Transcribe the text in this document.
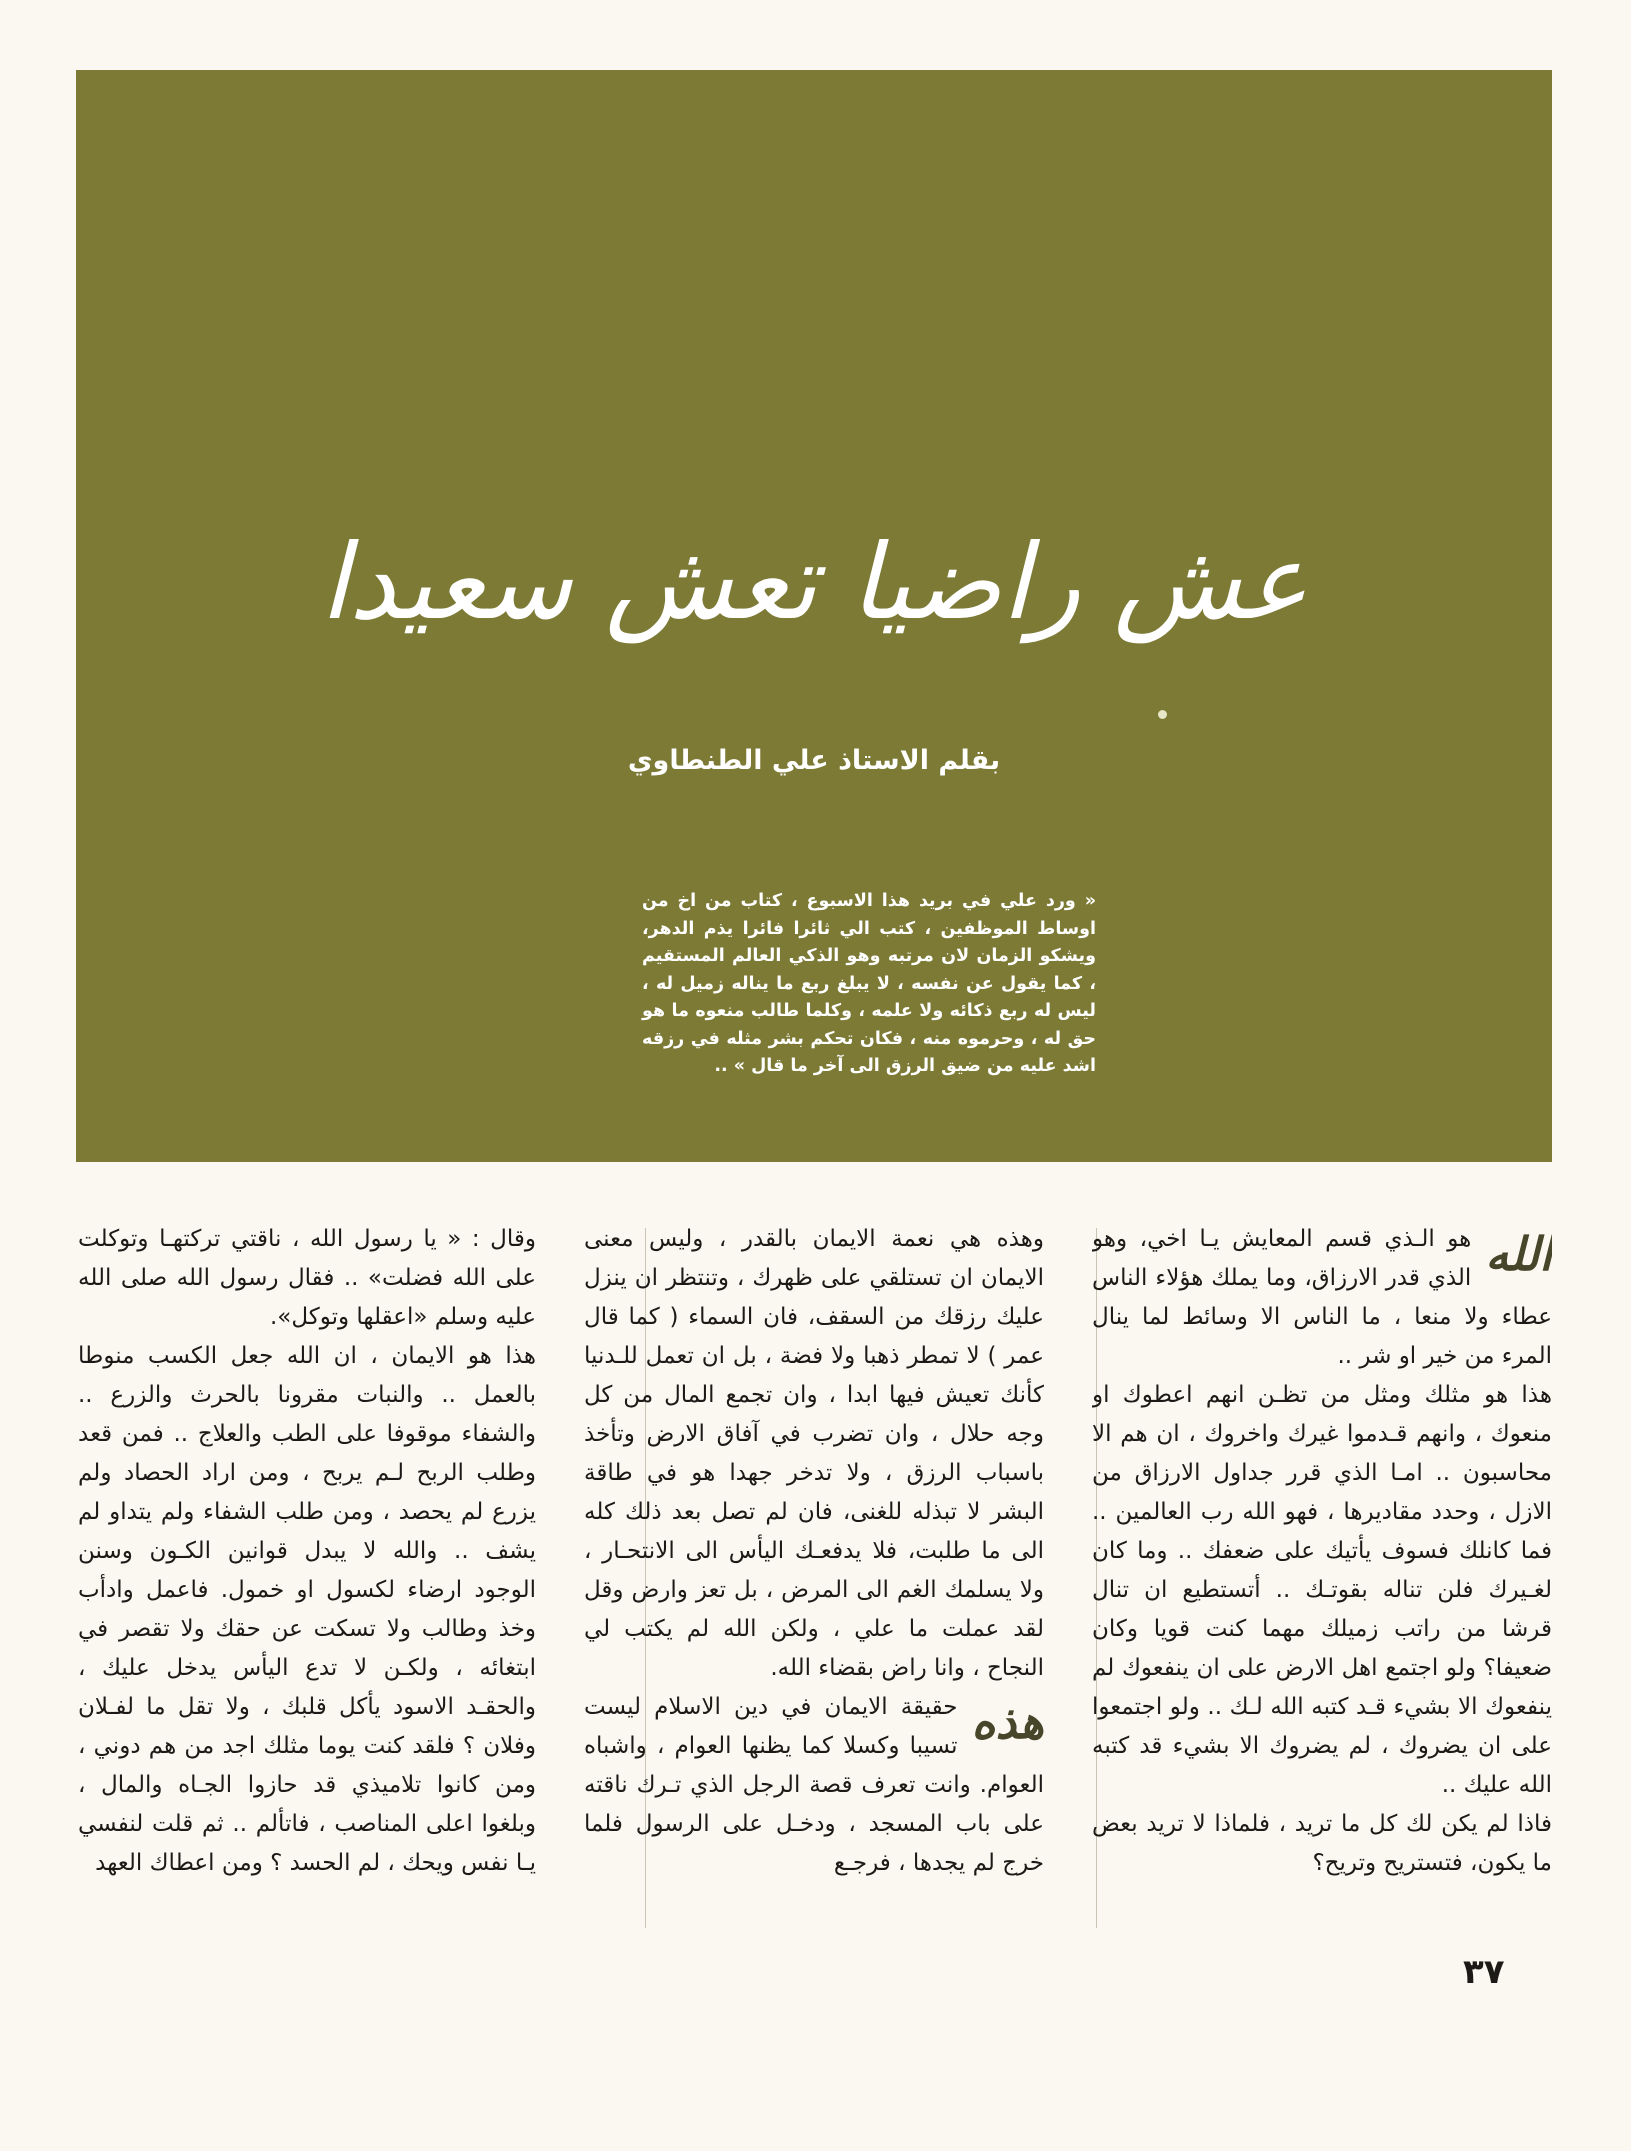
عش راضيا تعش سعيدا
بقلم الاستاذ علي الطنطاوي
« ورد علي في بريد هذا الاسبوع ، كتاب من اخ من اوساط الموظفين ، كتب الي ثائرا فائرا يذم الدهر، ويشكو الزمان لان مرتبه وهو الذكي العالم المستقيم ، كما يقول عن نفسه ، لا يبلغ ربع ما يناله زميل له ، ليس له ربع ذكائه ولا علمه ، وكلما طالب منعوه ما هو حق له ، وحرموه منه ، فكان تحكم بشر مثله في رزقه اشد عليه من ضيق الرزق الى آخر ما قال » ..
الله

هو الـذي قسم المعايش يـا اخي، وهو الذي قدر الارزاق، وما يملك هؤلاء الناس عطاء ولا منعا ، ما الناس الا وسائط لما ينال المرء من خير او شر ..

هذا هو مثلك ومثل من تظـن انهم اعطوك او منعوك ، وانهم قـدموا غيرك واخروك ، ان هم الا محاسبون .. امـا الذي قرر جداول الارزاق من الازل ، وحدد مقاديرها ، فهو الله رب العالمين .. فما كانلك فسوف يأتيك على ضعفك .. وما كان لغـيرك فلن تناله بقوتـك .. أتستطيع ان تنال قرشا من راتب زميلك مهما كنت قويا وكان ضعيفا؟ ولو اجتمع اهل الارض على ان ينفعوك لم ينفعوك الا بشيء قـد كتبه الله لـك .. ولو اجتمعوا على ان يضروك ، لم يضروك الا بشيء قد كتبه الله عليك ..

فاذا لم يكن لك كل ما تريد ، فلماذا لا تريد بعض ما يكون، فتستريح وتريح؟

وهذه هي نعمة الايمان بالقدر ، وليس معنى الايمان ان تستلقي على ظهرك ، وتنتظر ان ينزل عليك رزقك من السقف، فان السماء ( كما قال عمر ) لا تمطر ذهبا ولا فضة ، بل ان تعمل للـدنيا كأنك تعيش فيها ابدا ، وان تجمع المال من كل وجه حلال ، وان تضرب في آفاق الارض وتأخذ باسباب الرزق ، ولا تدخر جهدا هو في طاقة البشر لا تبذله للغنى، فان لم تصل بعد ذلك كله الى ما طلبت، فلا يدفعـك اليأس الى الانتحـار ، ولا يسلمك الغم الى المرض ، بل تعز وارض وقل لقد عملت ما علي ، ولكن الله لم يكتب لي النجاح ، وانا راض بقضاء الله.

هذه

حقيقة الايمان في دين الاسلام ليست تسيبا وكسلا كما يظنها العوام ، واشباه العوام. وانت تعرف قصة الرجل الذي تـرك ناقته على باب المسجد ، ودخـل على الرسول فلما خرج لم يجدها ، فرجـع

وقال : « يا رسول الله ، ناقتي تركتهـا وتوكلت على الله فضلت» .. فقال رسول الله صلى الله عليه وسلم «اعقلها وتوكل».

هذا هو الايمان ، ان الله جعل الكسب منوطا بالعمل .. والنبات مقرونا بالحرث والزرع .. والشفاء موقوفا على الطب والعلاج .. فمن قعد وطلب الربح لـم يربح ، ومن اراد الحصاد ولم يزرع لم يحصد ، ومن طلب الشفاء ولم يتداو لم يشف .. والله لا يبدل قوانين الكـون وسنن الوجود ارضاء لكسول او خمول. فاعمل وادأب وخذ وطالب ولا تسكت عن حقك ولا تقصر في ابتغائه ، ولكـن لا تدع اليأس يدخل عليك ، والحقـد الاسود يأكل قلبك ، ولا تقل ما لفـلان وفلان ؟ فلقد كنت يوما مثلك اجد من هم دوني ، ومن كانوا تلاميذي قد حازوا الجـاه والمال ، وبلغوا اعلى المناصب ، فاتألم .. ثم قلت لنفسي يـا نفس ويحك ، لم الحسد ؟ ومن اعطاك العهد

٣٧
